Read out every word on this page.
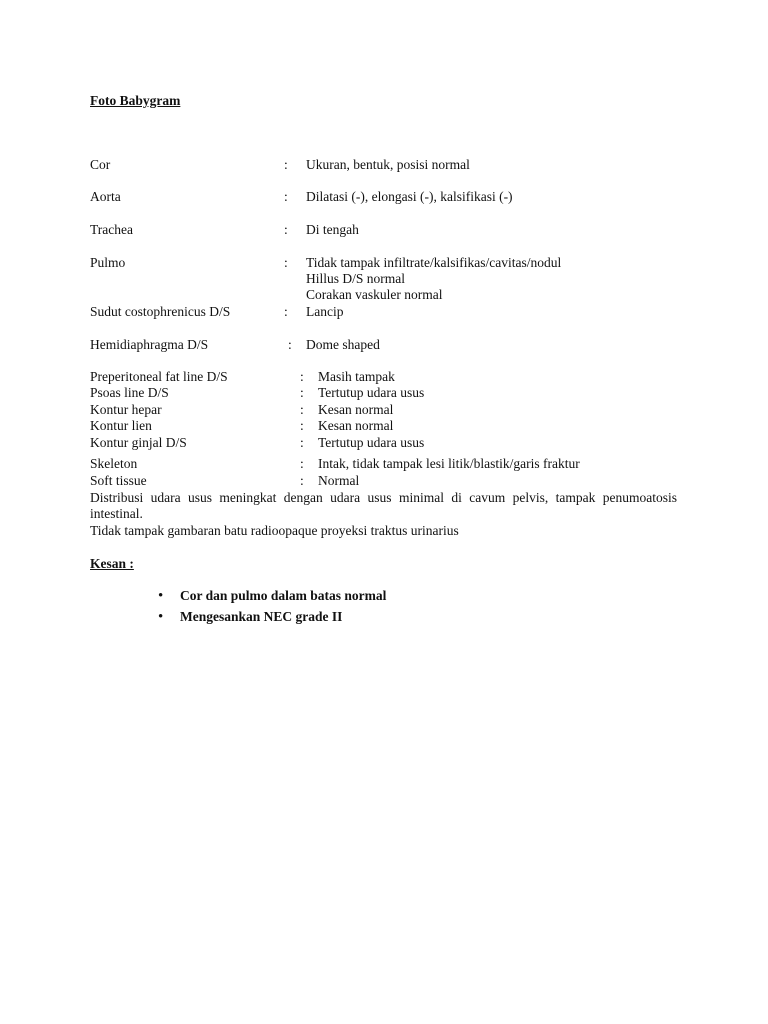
Foto Babygram
Cor	: Ukuran, bentuk, posisi normal
Aorta	: Dilatasi (-), elongasi (-), kalsifikasi (-)
Trachea	: Di tengah
Pulmo	: Tidak tampak infiltrate/kalsifikas/cavitas/nodul
Hillus D/S normal
Corakan vaskuler normal
Sudut costophrenicus D/S	: Lancip
Hemidiaphragma D/S	: Dome shaped
Preperitoneal fat line D/S	: Masih tampak
Psoas line D/S	: Tertutup udara usus
Kontur hepar	: Kesan normal
Kontur lien	: Kesan normal
Kontur ginjal D/S	: Tertutup udara usus
Skeleton	: Intak, tidak tampak lesi litik/blastik/garis fraktur
Soft tissue	: Normal
Distribusi udara usus meningkat dengan udara usus minimal di cavum pelvis, tampak penumoatosis intestinal.
Tidak tampak gambaran batu radioopaque proyeksi traktus urinarius
Kesan :
• Cor dan pulmo dalam batas normal
• Mengesankan NEC grade II
